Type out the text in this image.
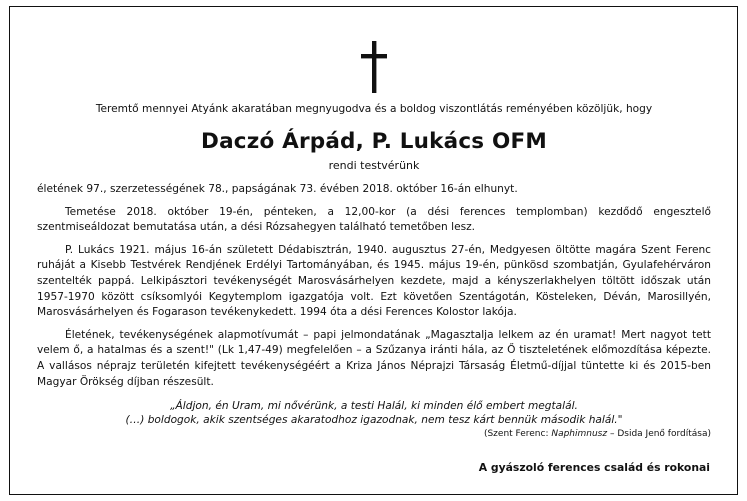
Teremtő mennyei Atyánk akaratában megnyugodva és a boldog viszontlátás reményében közöljük, hogy
Daczó Árpád, P. Lukács OFM
rendi testvérünk

életének 97., szerzetességének 78., papságának 73. évében 2018. október 16-án elhunyt.

Temetése 2018. október 19-én, pénteken, a 12,00-kor (a dési ferences templomban) kezdődő engesztelő szentmiseáldozat bemutatása után, a dési Rózsahegyen található temetőben lesz.

P. Lukács 1921. május 16-án született Dédabisztrán, 1940. augusztus 27-én, Medgyesen öltötte magára Szent Ferenc ruháját a Kisebb Testvérek Rendjének Erdélyi Tartományában, és 1945. május 19-én, pünkösd szombatján, Gyulafehérváron szentelték pappá. Lelkipásztori tevékenységét Marosvásárhelyen kezdete, majd a kényszerlakhelyen töltött időszak után 1957-1970 között csíksomlyói Kegytemplom igazgatója volt. Ezt követően Szentágotán, Kösteleken, Déván, Marosillyén, Marosvásárhelyen és Fogarason tevékenykedett. 1994 óta a dési Ferences Kolostor lakója.

Életének, tevékenységének alapmotívumát – papi jelmondatának „Magasztalja lelkem az én uramat! Mert nagyot tett velem ő, a hatalmas és a szent!" (Lk 1,47-49) megfelelően – a Szűzanya iránti hála, az Ő tiszteletének előmozdítása képezte. A vallásos néprajz területén kifejtett tevékenységéért a Kriza János Néprajzi Társaság Életmű-díjjal tüntette ki és 2015-ben Magyar Örökség díjban részesült.

„Áldjon, én Uram, mi nővérünk, a testi Halál, ki minden élő embert megtalál.
(…) boldogok, akik szentséges akaratodhoz igazodnak, nem tesz kárt bennük második halál."
(Szent Ferenc: Naphimnusz – Dsida Jenő fordítása)
A gyászoló ferences család és rokonai
